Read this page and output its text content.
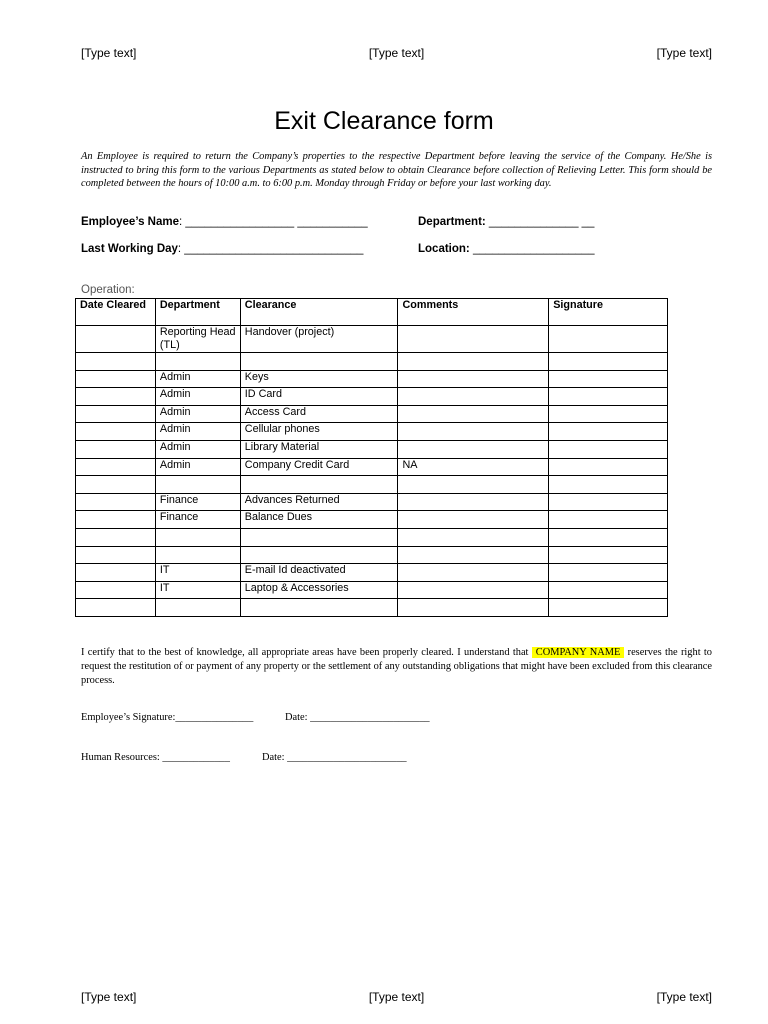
[Type text]	[Type text]	[Type text]
Exit Clearance form
An Employee is required to return the Company’s properties to the respective Department before leaving the service of the Company. He/She is instructed to bring this form to the various Departments as stated below to obtain Clearance before collection of Relieving Letter. This form should be completed between the hours of 10:00 a.m. to 6:00 p.m. Monday through Friday or before your last working day.
Employee’s Name: _________________ ___________	Department: ______________ __
Last Working Day: ____________________________	Location: ___________________
Operation:
Date Cleared	Department	Clearance	Comments	Signature
	Reporting Head (TL)	Handover (project)		

	Admin	Keys		
	Admin	ID Card		
	Admin	Access Card		
	Admin	Cellular phones		
	Admin	Library Material		
	Admin	Company Credit Card	NA	

	Finance	Advances Returned		
	Finance	Balance Dues		

	IT	E-mail Id deactivated		
	IT	Laptop & Accessories		

I certify that to the best of knowledge, all appropriate areas have been properly cleared. I understand that COMPANY NAME reserves the right to request the restitution of or payment of any property or the settlement of any outstanding obligations that might have been excluded from this clearance process.
Employee’s Signature:_______________	Date: _______________________
Human Resources: _____________	Date: _______________________
[Type text]	[Type text]	[Type text]
